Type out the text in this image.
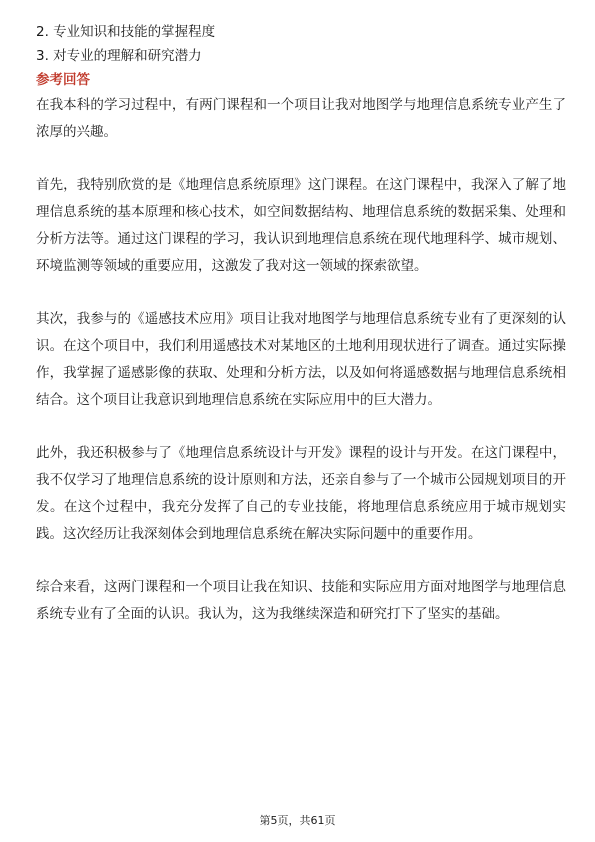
2. 专业知识和技能的掌握程度

3. 对专业的理解和研究潜力

参考回答

在我本科的学习过程中，有两门课程和一个项目让我对地图学与地理信息系统专业产生了浓厚的兴趣。

首先，我特别欣赏的是《地理信息系统原理》这门课程。在这门课程中，我深入了解了地理信息系统的基本原理和核心技术，如空间数据结构、地理信息系统的数据采集、处理和分析方法等。通过这门课程的学习，我认识到地理信息系统在现代地理科学、城市规划、环境监测等领域的重要应用，这激发了我对这一领域的探索欲望。

其次，我参与的《遥感技术应用》项目让我对地图学与地理信息系统专业有了更深刻的认识。在这个项目中，我们利用遥感技术对某地区的土地利用现状进行了调查。通过实际操作，我掌握了遥感影像的获取、处理和分析方法，以及如何将遥感数据与地理信息系统相结合。这个项目让我意识到地理信息系统在实际应用中的巨大潜力。

此外，我还积极参与了《地理信息系统设计与开发》课程的设计与开发。在这门课程中，我不仅学习了地理信息系统的设计原则和方法，还亲自参与了一个城市公园规划项目的开发。在这个过程中，我充分发挥了自己的专业技能，将地理信息系统应用于城市规划实践。这次经历让我深刻体会到地理信息系统在解决实际问题中的重要作用。

综合来看，这两门课程和一个项目让我在知识、技能和实际应用方面对地图学与地理信息系统专业有了全面的认识。我认为，这为我继续深造和研究打下了坚实的基础。

第5页，共61页
